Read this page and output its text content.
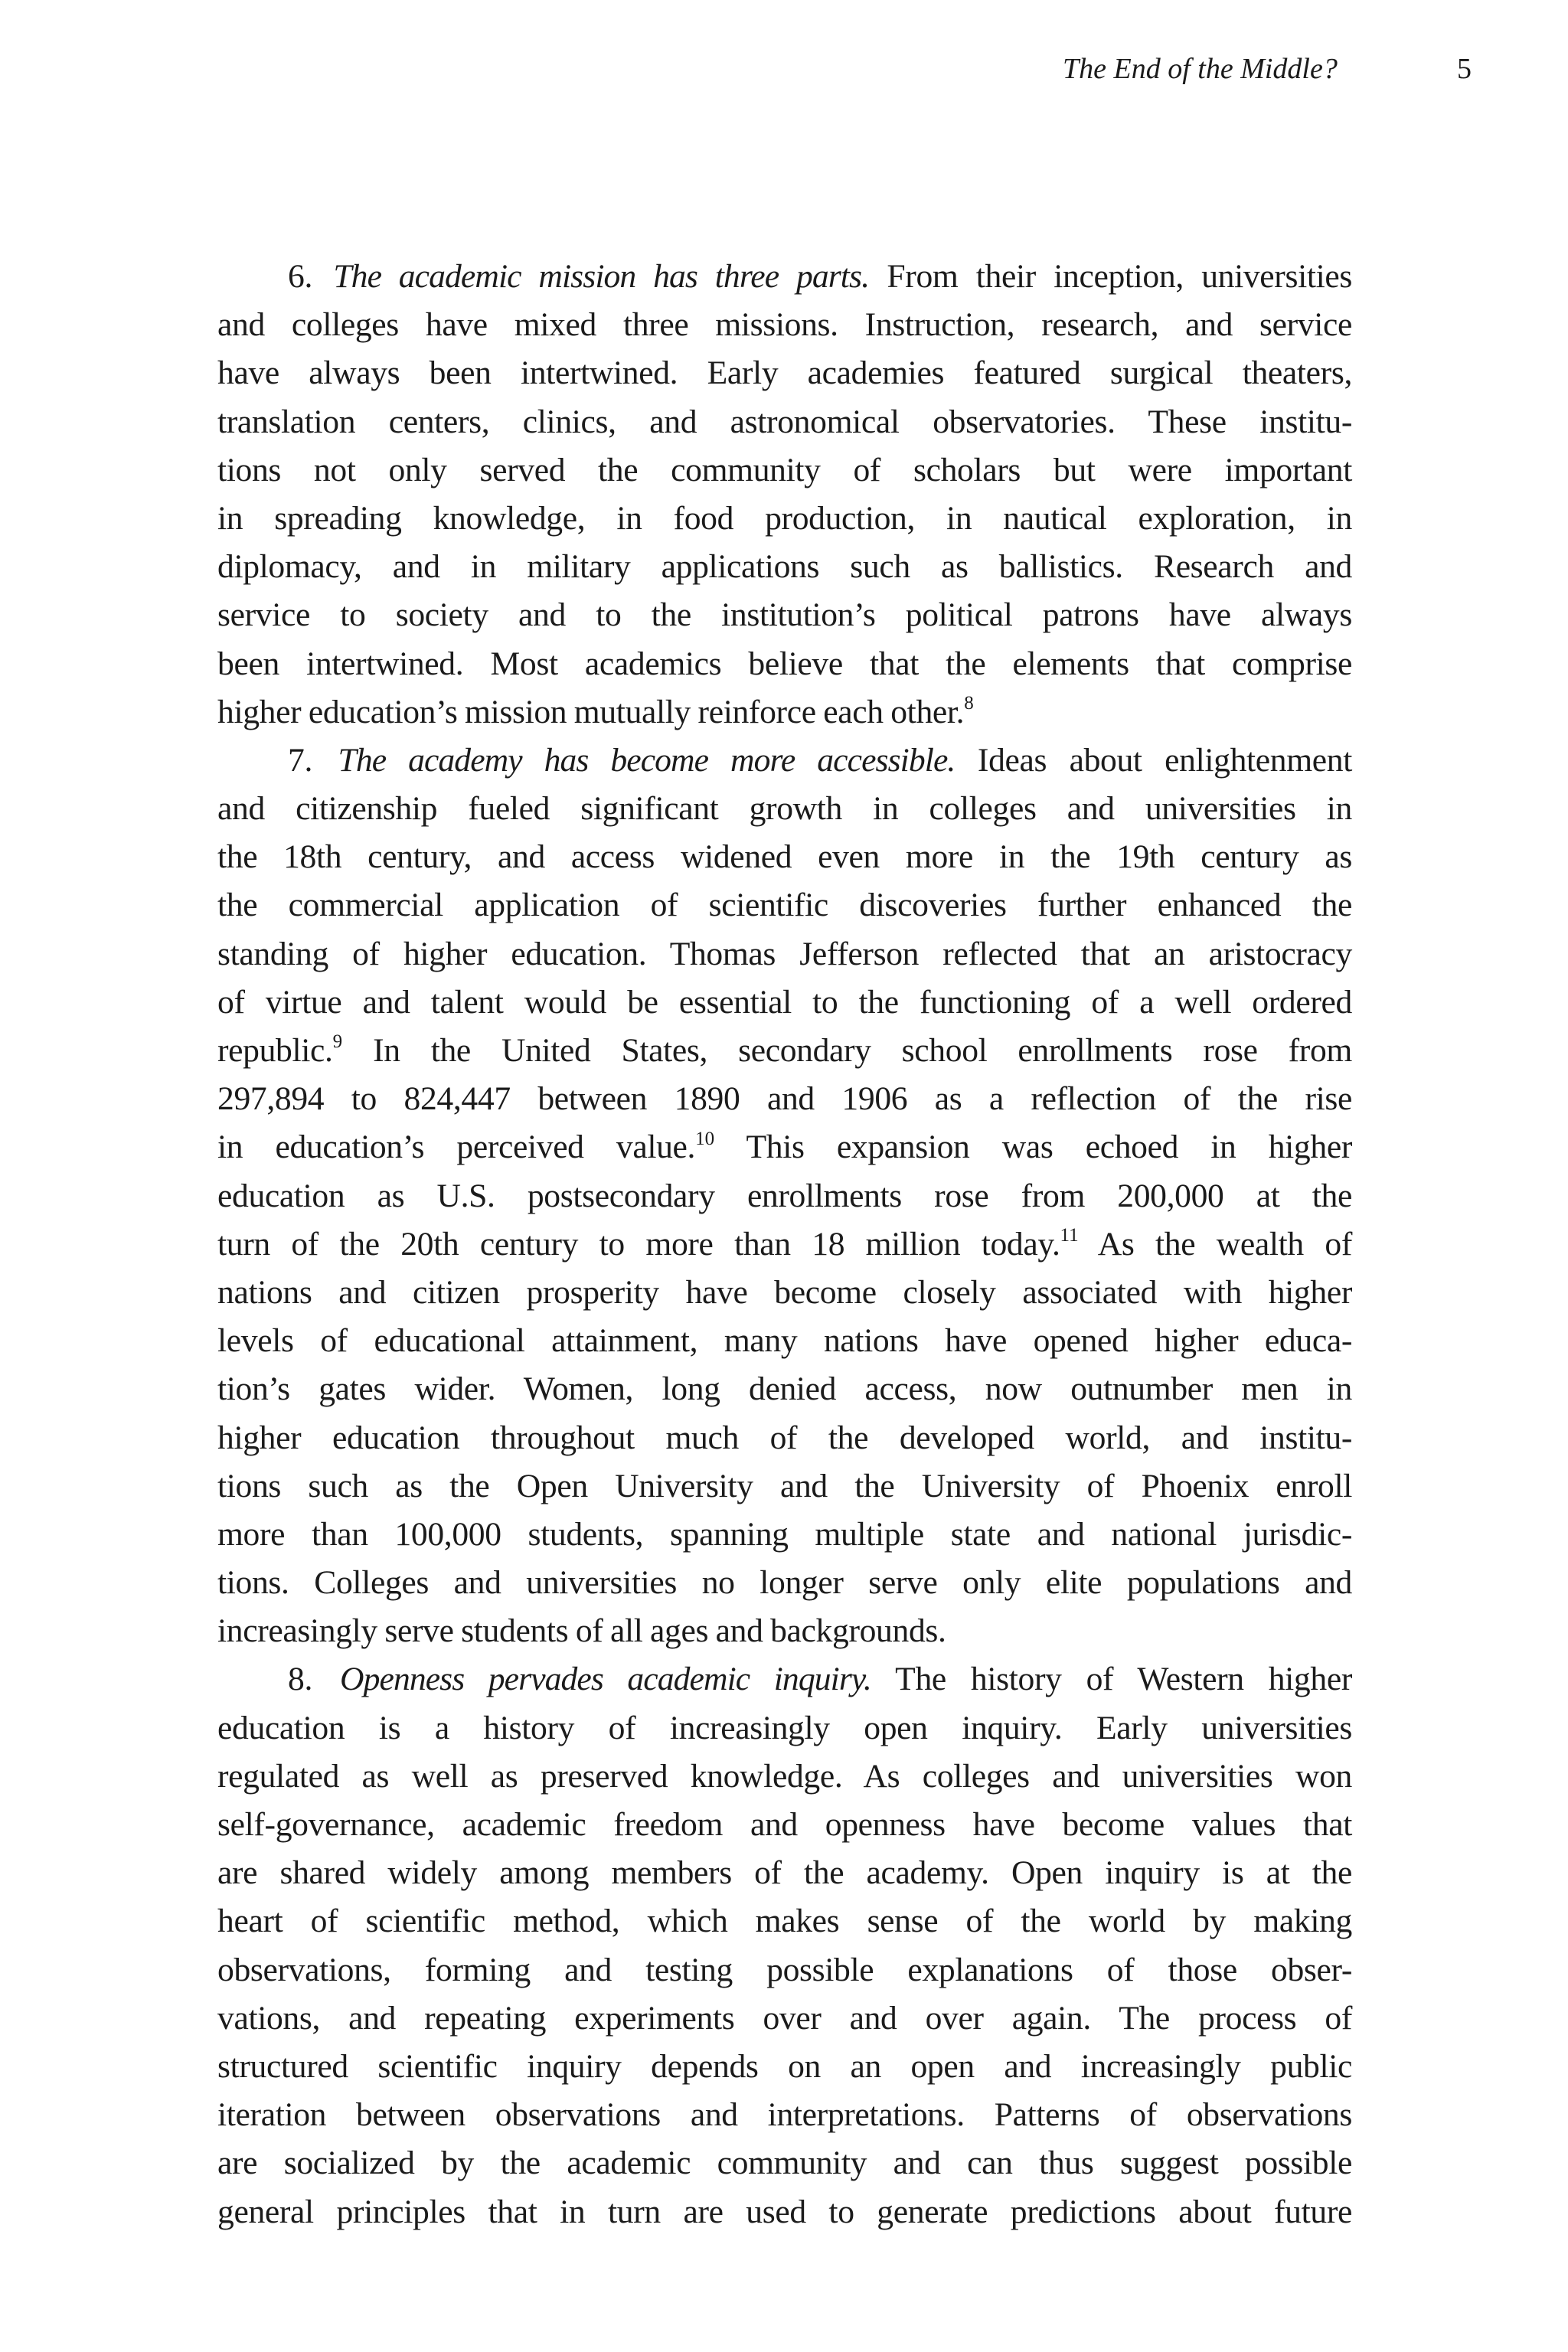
The End of the Middle?	5
6. The academic mission has three parts. From their inception, universities
and colleges have mixed three missions. Instruction, research, and service
have always been intertwined. Early academies featured surgical theaters,
translation centers, clinics, and astronomical observatories. These institu-
tions not only served the community of scholars but were important
in spreading knowledge, in food production, in nautical exploration, in
diplomacy, and in military applications such as ballistics. Research and
service to society and to the institution’s political patrons have always
been intertwined. Most academics believe that the elements that comprise
higher education’s mission mutually reinforce each other.$^8$
7. The academy has become more accessible. Ideas about enlightenment
and citizenship fueled significant growth in colleges and universities in
the 18th century, and access widened even more in the 19th century as
the commercial application of scientific discoveries further enhanced the
standing of higher education. Thomas Jefferson reflected that an aristocracy
of virtue and talent would be essential to the functioning of a well ordered
republic.$^9$ In the United States, secondary school enrollments rose from
297,894 to 824,447 between 1890 and 1906 as a reflection of the rise
in education’s perceived value.$^{10}$ This expansion was echoed in higher
education as U.S. postsecondary enrollments rose from 200,000 at the
turn of the 20th century to more than 18 million today.$^{11}$ As the wealth of
nations and citizen prosperity have become closely associated with higher
levels of educational attainment, many nations have opened higher educa-
tion’s gates wider. Women, long denied access, now outnumber men in
higher education throughout much of the developed world, and institu-
tions such as the Open University and the University of Phoenix enroll
more than 100,000 students, spanning multiple state and national jurisdic-
tions. Colleges and universities no longer serve only elite populations and
increasingly serve students of all ages and backgrounds.
8. Openness pervades academic inquiry. The history of Western higher
education is a history of increasingly open inquiry. Early universities
regulated as well as preserved knowledge. As colleges and universities won
self-governance, academic freedom and openness have become values that
are shared widely among members of the academy. Open inquiry is at the
heart of scientific method, which makes sense of the world by making
observations, forming and testing possible explanations of those obser-
vations, and repeating experiments over and over again. The process of
structured scientific inquiry depends on an open and increasingly public
iteration between observations and interpretations. Patterns of observations
are socialized by the academic community and can thus suggest possible
general principles that in turn are used to generate predictions about future
